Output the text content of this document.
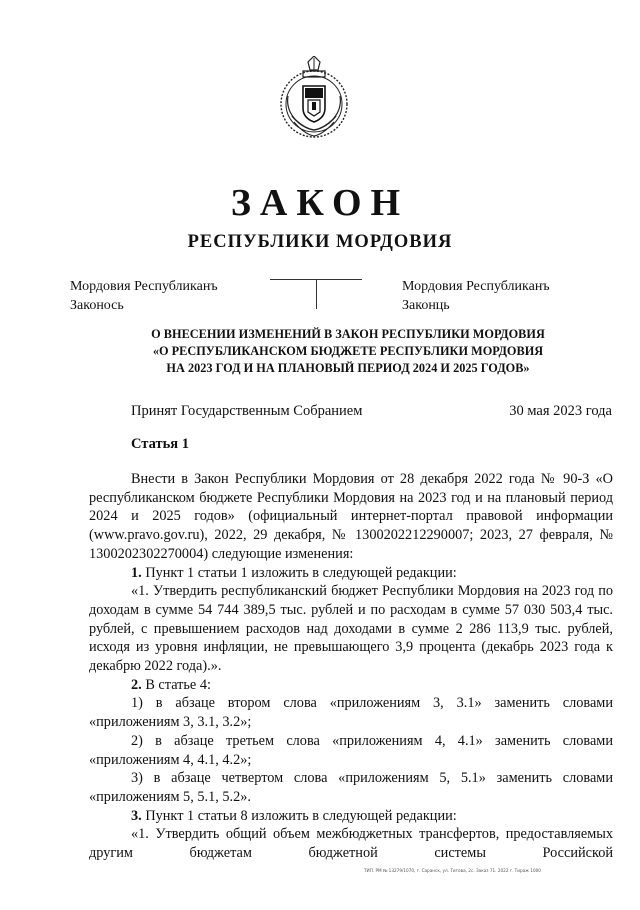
ЗАКОН
РЕСПУБЛИКИ МОРДОВИЯ
Мордовия Республиканъ
Законось
Мордовия Республиканъ
Законць
О ВНЕСЕНИИ ИЗМЕНЕНИЙ В ЗАКОН РЕСПУБЛИКИ МОРДОВИЯ
«О РЕСПУБЛИКАНСКОМ БЮДЖЕТЕ РЕСПУБЛИКИ МОРДОВИЯ
НА 2023 ГОД И НА ПЛАНОВЫЙ ПЕРИОД 2024 И 2025 ГОДОВ»
Принят Государственным Собранием	30 мая 2023 года
Статья 1

Внести в Закон Республики Мордовия от 28 декабря 2022 года № 90-З «О республиканском бюджете Республики Мордовия на 2023 год и на плановый период 2024 и 2025 годов» (официальный интернет-портал правовой информации (www.pravo.gov.ru), 2022, 29 декабря, № 1300202212290007; 2023, 27 февраля, № 1300202302270004) следующие изменения:

1. Пункт 1 статьи 1 изложить в следующей редакции:

«1. Утвердить республиканский бюджет Республики Мордовия на 2023 год по доходам в сумме 54 744 389,5 тыс. рублей и по расходам в сумме 57 030 503,4 тыс. рублей, с превышением расходов над доходами в сумме 2 286 113,9 тыс. рублей, исходя из уровня инфляции, не превышающего 3,9 процента (декабрь 2023 года к декабрю 2022 года).».

2. В статье 4:

1) в абзаце втором слова «приложениям 3, 3.1» заменить словами «приложениям 3, 3.1, 3.2»;

2) в абзаце третьем слова «приложениям 4, 4.1» заменить словами «приложениям 4, 4.1, 4.2»;

3) в абзаце четвертом слова «приложениям 5, 5.1» заменить словами «приложениям 5, 5.1, 5.2».

3. Пункт 1 статьи 8 изложить в следующей редакции:

«1. Утвердить общий объем межбюджетных трансфертов, предоставляемых другим бюджетам бюджетной системы Российской

ТИП. РМ № 13279/1070, г. Саранск, ул. Титова, 2с. Заказ 71. 2022 г. Тираж 1000
